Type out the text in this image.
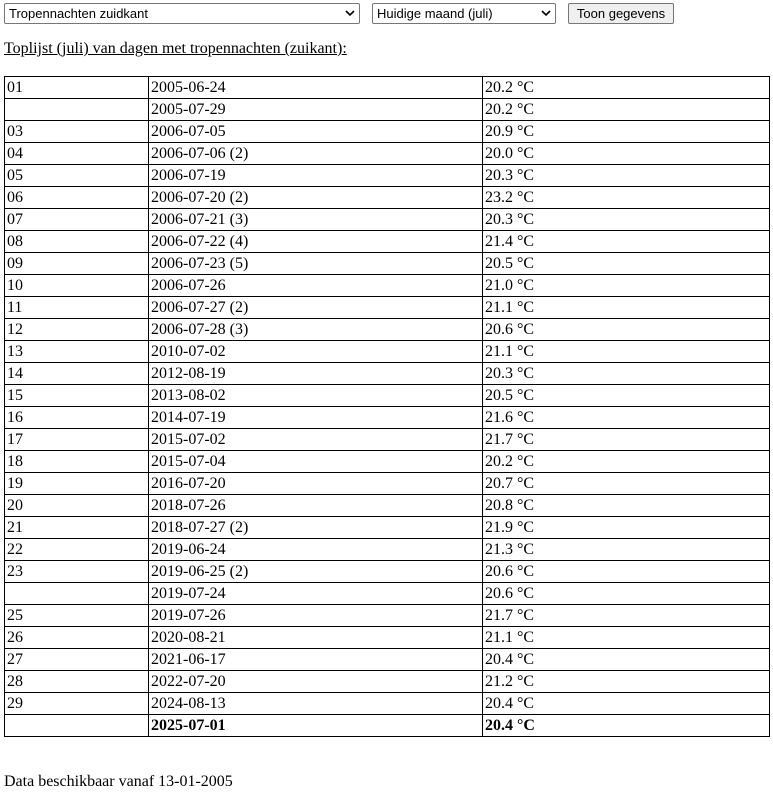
Tropennachten zuidkant	Huidige maand (juli)	Toon gegevens
Toplijst (juli) van dagen met tropennachten (zuikant):
01	2005-06-24	20.2 °C
	2005-07-29	20.2 °C
03	2006-07-05	20.9 °C
04	2006-07-06 (2)	20.0 °C
05	2006-07-19	20.3 °C
06	2006-07-20 (2)	23.2 °C
07	2006-07-21 (3)	20.3 °C
08	2006-07-22 (4)	21.4 °C
09	2006-07-23 (5)	20.5 °C
10	2006-07-26	21.0 °C
11	2006-07-27 (2)	21.1 °C
12	2006-07-28 (3)	20.6 °C
13	2010-07-02	21.1 °C
14	2012-08-19	20.3 °C
15	2013-08-02	20.5 °C
16	2014-07-19	21.6 °C
17	2015-07-02	21.7 °C
18	2015-07-04	20.2 °C
19	2016-07-20	20.7 °C
20	2018-07-26	20.8 °C
21	2018-07-27 (2)	21.9 °C
22	2019-06-24	21.3 °C
23	2019-06-25 (2)	20.6 °C
	2019-07-24	20.6 °C
25	2019-07-26	21.7 °C
26	2020-08-21	21.1 °C
27	2021-06-17	20.4 °C
28	2022-07-20	21.2 °C
29	2024-08-13	20.4 °C
	2025-07-01	20.4 °C
Data beschikbaar vanaf 13-01-2005
